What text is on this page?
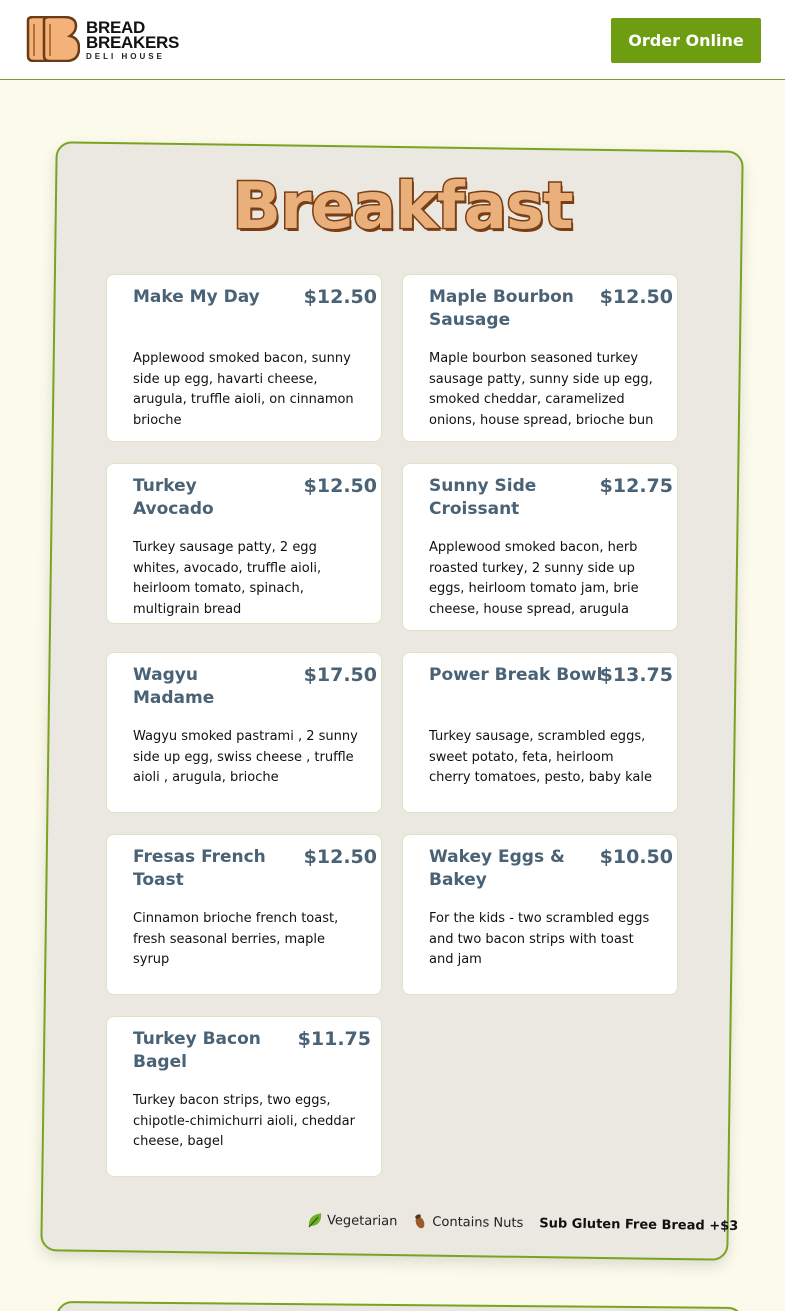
BREAD
BREAKERS
DELI HOUSE
Order Online
Breakfast
Make My Day	$12.50
Applewood smoked bacon, sunny side up egg, havarti cheese, arugula, truffle aioli, on cinnamon brioche
Maple Bourbon Sausage
$12.50
Maple bourbon seasoned turkey sausage patty, sunny side up egg, smoked cheddar, caramelized onions, house spread, brioche bun
Turkey Avocado
$12.50
Turkey sausage patty, 2 egg whites, avocado, truffle aioli, heirloom tomato, spinach, multigrain bread
Sunny Side Croissant
$12.75
Applewood smoked bacon, herb roasted turkey, 2 sunny side up eggs, heirloom tomato jam, brie cheese, house spread, arugula
Wagyu Madame
$17.50
Wagyu smoked pastrami , 2 sunny side up egg, swiss cheese , truffle aioli , arugula, brioche
Power Break Bowl
$13.75
Turkey sausage, scrambled eggs, sweet potato, feta, heirloom cherry tomatoes, pesto, baby kale
Fresas French Toast
$12.50
Cinnamon brioche french toast, fresh seasonal berries, maple syrup
Wakey Eggs & Bakey
$10.50
For the kids - two scrambled eggs and two bacon strips with toast and jam
Turkey Bacon Bagel
$11.75
Turkey bacon strips, two eggs, chipotle-chimichurri aioli, cheddar cheese, bagel
Vegetarian	Contains Nuts Sub Gluten Free Bread +$3
